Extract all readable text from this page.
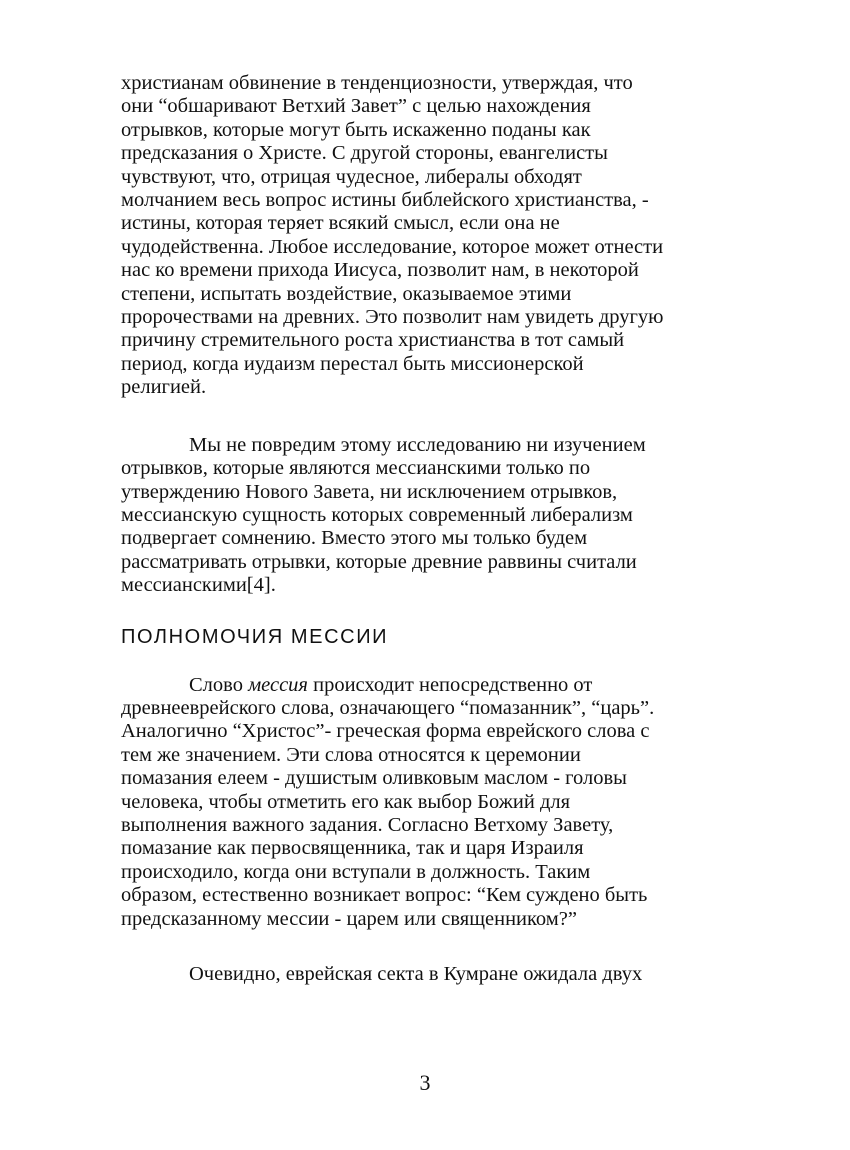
христианам обвинение в тенденциозности, утверждая, что
они “обшаривают Ветхий Завет” с целью нахождения
отрывков, которые могут быть искаженно поданы как
предсказания о Христе. С другой стороны, евангелисты
чувствуют, что, отрицая чудесное, либералы обходят
молчанием весь вопрос истины библейского христианства, -
истины, которая теряет всякий смысл, если она не
чудодейственна. Любое исследование, которое может отнести
нас ко времени прихода Иисуса, позволит нам, в некоторой
степени, испытать воздействие, оказываемое этими
пророчествами на древних. Это позволит нам увидеть другую
причину стремительного роста христианства в тот самый
период, когда иудаизм перестал быть миссионерской
религией.

Мы не повредим этому исследованию ни изучением
отрывков, которые являются мессианскими только по
утверждению Нового Завета, ни исключением отрывков,
мессианскую сущность которых современный либерализм
подвергает сомнению. Вместо этого мы только будем
рассматривать отрывки, которые древние раввины считали
мессианскими[4].

ПОЛНОМОЧИЯ МЕССИИ

Слово мессия происходит непосредственно от
древнееврейского слова, означающего “помазанник”, “царь”.
Аналогично “Христос”- греческая форма еврейского слова с
тем же значением. Эти слова относятся к церемонии
помазания елеем - душистым оливковым маслом - головы
человека, чтобы отметить его как выбор Божий для
выполнения важного задания. Согласно Ветхому Завету,
помазание как первосвященника, так и царя Израиля
происходило, когда они вступали в должность. Таким
образом, естественно возникает вопрос: “Кем суждено быть
предсказанному мессии - царем или священником?”

Очевидно, еврейская секта в Кумране ожидала двух

3
